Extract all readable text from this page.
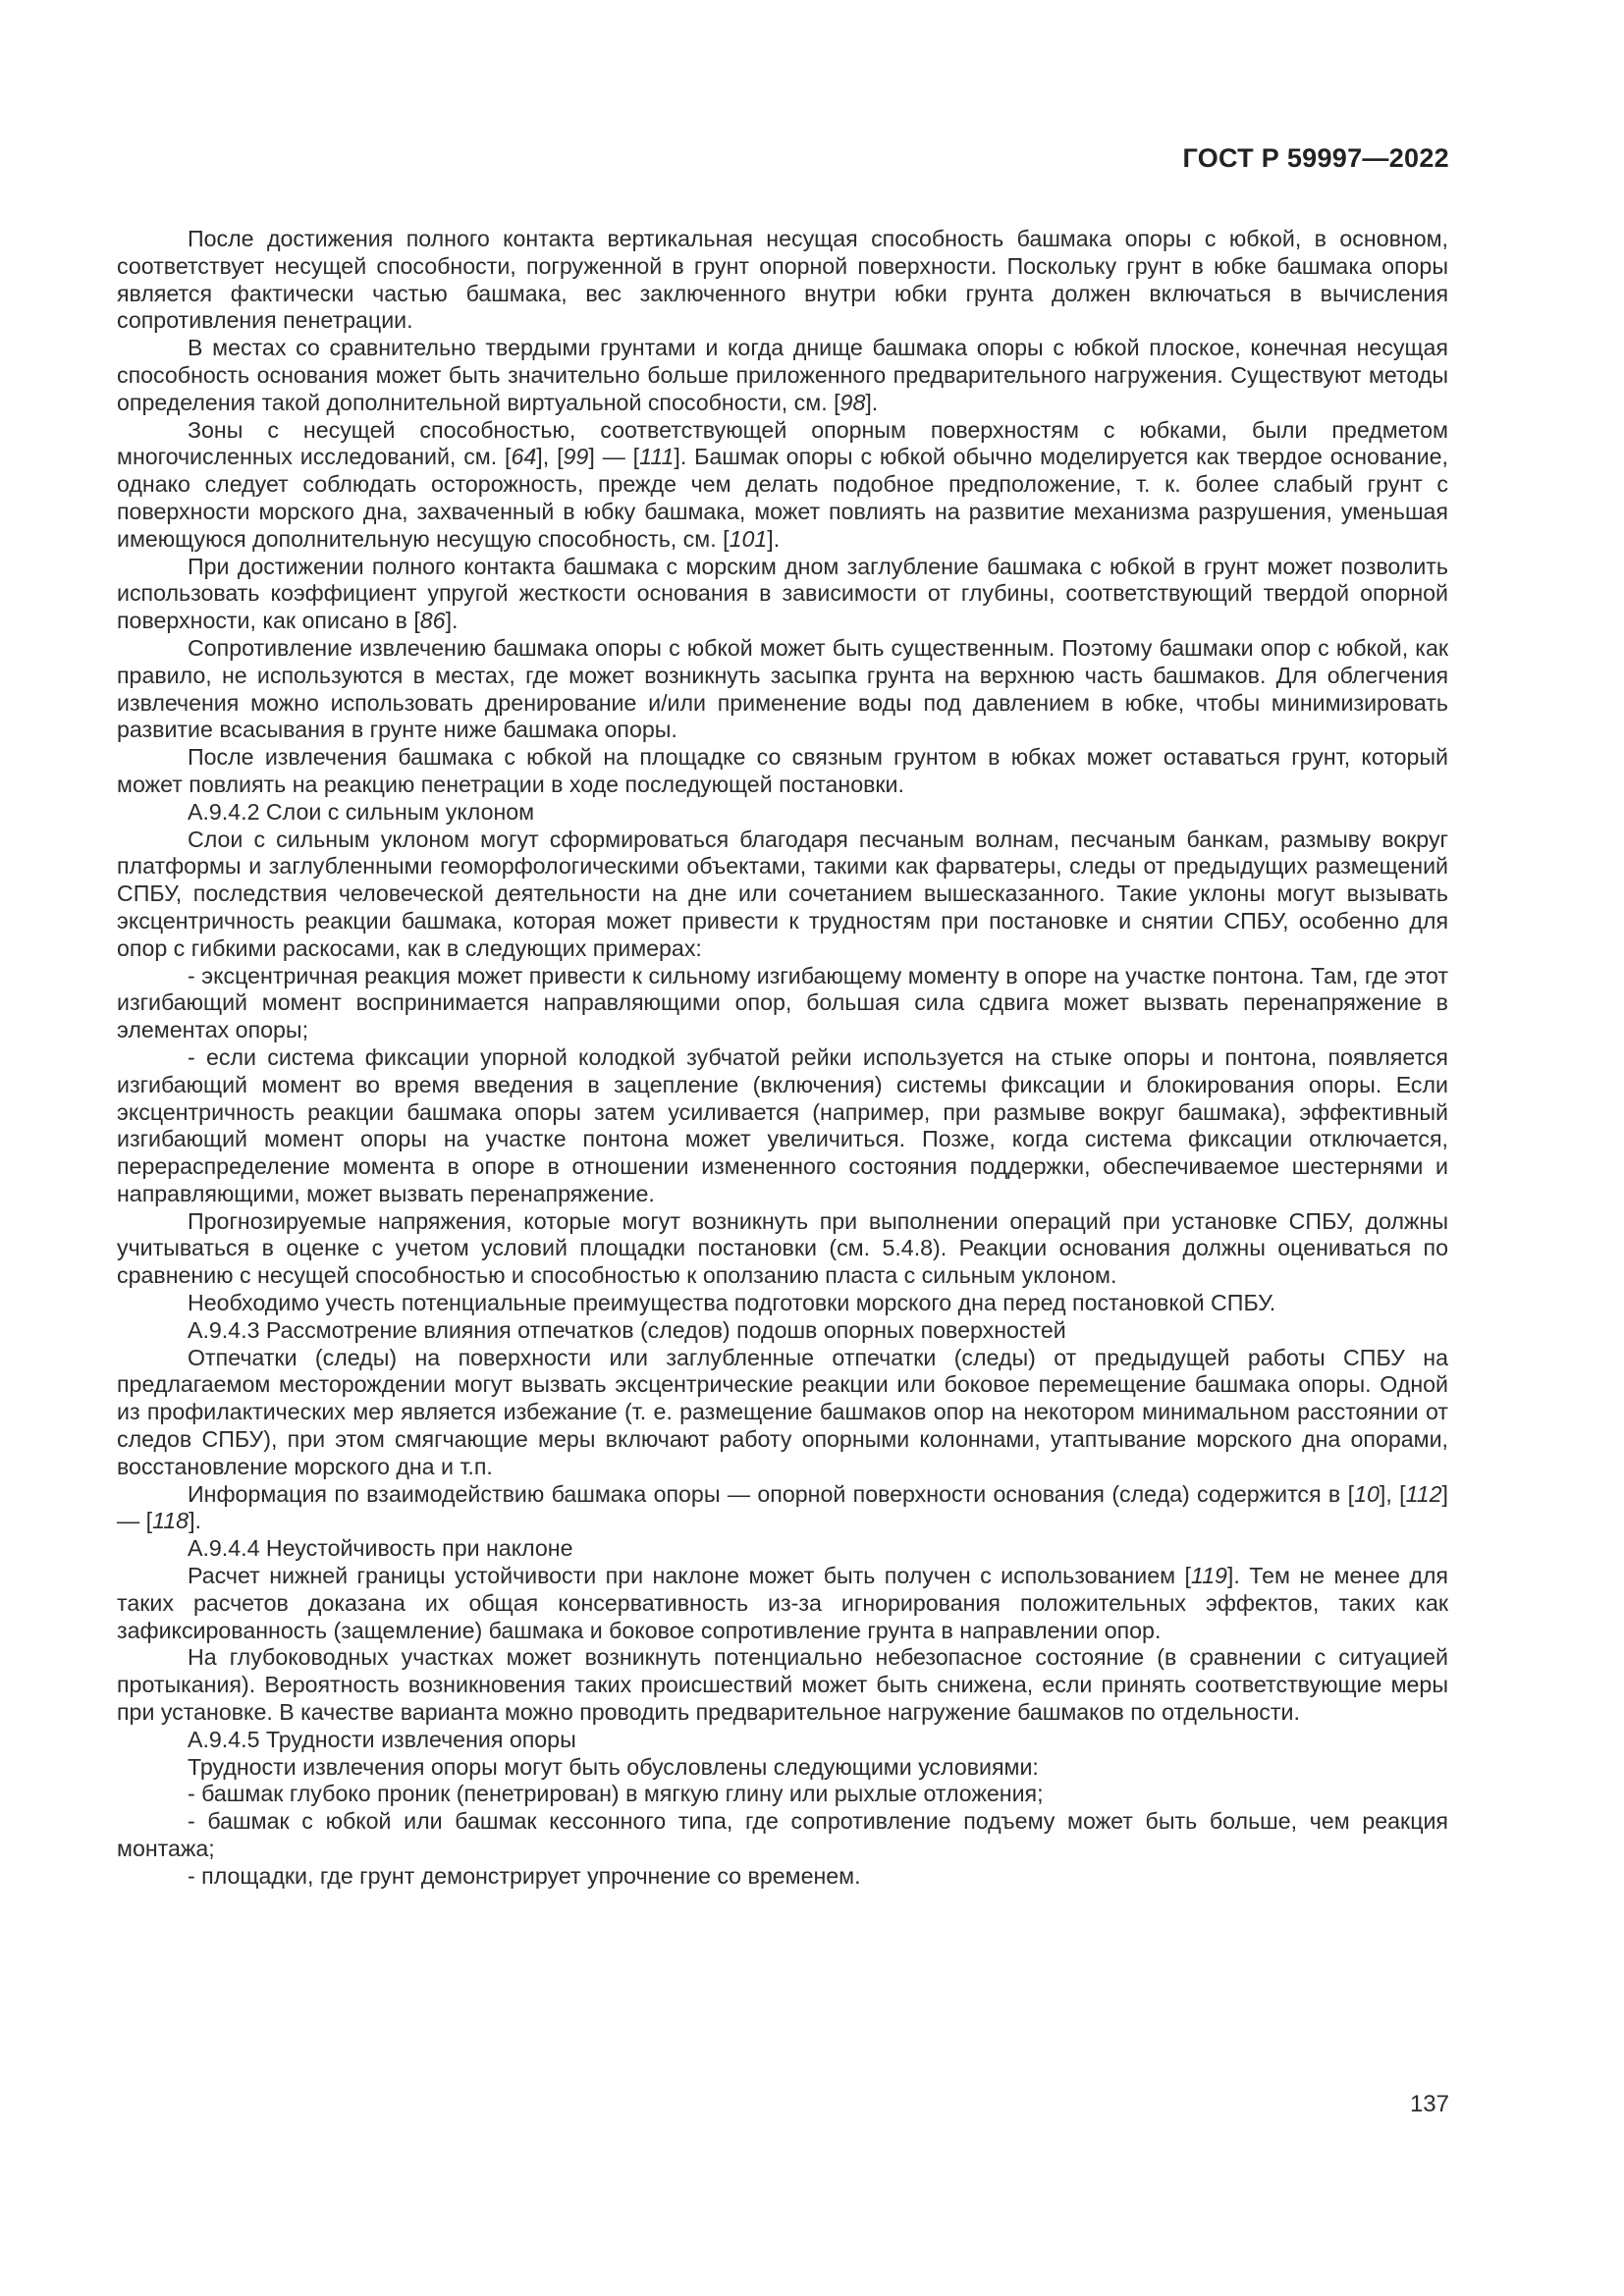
ГОСТ Р 59997—2022

После достижения полного контакта вертикальная несущая способность башмака опоры с юбкой, в основном, соответствует несущей способности, погруженной в грунт опорной поверхности. Поскольку грунт в юбке башмака опоры является фактически частью башмака, вес заключенного внутри юбки грунта должен включаться в вычисления сопротивления пенетрации.

В местах со сравнительно твердыми грунтами и когда днище башмака опоры с юбкой плоское, конечная несущая способность основания может быть значительно больше приложенного предварительного нагружения. Существуют методы определения такой дополнительной виртуальной способности, см. [98].

Зоны с несущей способностью, соответствующей опорным поверхностям с юбками, были предметом многочисленных исследований, см. [64], [99] — [111]. Башмак опоры с юбкой обычно моделируется как твердое основание, однако следует соблюдать осторожность, прежде чем делать подобное предположение, т. к. более слабый грунт с поверхности морского дна, захваченный в юбку башмака, может повлиять на развитие механизма разрушения, уменьшая имеющуюся дополнительную несущую способность, см. [101].

При достижении полного контакта башмака с морским дном заглубление башмака с юбкой в грунт может позволить использовать коэффициент упругой жесткости основания в зависимости от глубины, соответствующий твердой опорной поверхности, как описано в [86].

Сопротивление извлечению башмака опоры с юбкой может быть существенным. Поэтому башмаки опор с юбкой, как правило, не используются в местах, где может возникнуть засыпка грунта на верхнюю часть башмаков. Для облегчения извлечения можно использовать дренирование и/или применение воды под давлением в юбке, чтобы минимизировать развитие всасывания в грунте ниже башмака опоры.

После извлечения башмака с юбкой на площадке со связным грунтом в юбках может оставаться грунт, который может повлиять на реакцию пенетрации в ходе последующей постановки.

А.9.4.2 Слои с сильным уклоном

Слои с сильным уклоном могут сформироваться благодаря песчаным волнам, песчаным банкам, размыву вокруг платформы и заглубленными геоморфологическими объектами, такими как фарватеры, следы от предыдущих размещений СПБУ, последствия человеческой деятельности на дне или сочетанием вышесказанного. Такие уклоны могут вызывать эксцентричность реакции башмака, которая может привести к трудностям при постановке и снятии СПБУ, особенно для опор с гибкими раскосами, как в следующих примерах:

- эксцентричная реакция может привести к сильному изгибающему моменту в опоре на участке понтона. Там, где этот изгибающий момент воспринимается направляющими опор, большая сила сдвига может вызвать перенапряжение в элементах опоры;

- если система фиксации упорной колодкой зубчатой рейки используется на стыке опоры и понтона, появляется изгибающий момент во время введения в зацепление (включения) системы фиксации и блокирования опоры. Если эксцентричность реакции башмака опоры затем усиливается (например, при размыве вокруг башмака), эффективный изгибающий момент опоры на участке понтона может увеличиться. Позже, когда система фиксации отключается, перераспределение момента в опоре в отношении измененного состояния поддержки, обеспечиваемое шестернями и направляющими, может вызвать перенапряжение.

Прогнозируемые напряжения, которые могут возникнуть при выполнении операций при установке СПБУ, должны учитываться в оценке с учетом условий площадки постановки (см. 5.4.8). Реакции основания должны оцениваться по сравнению с несущей способностью и способностью к оползанию пласта с сильным уклоном.

Необходимо учесть потенциальные преимущества подготовки морского дна перед постановкой СПБУ.

А.9.4.3 Рассмотрение влияния отпечатков (следов) подошв опорных поверхностей

Отпечатки (следы) на поверхности или заглубленные отпечатки (следы) от предыдущей работы СПБУ на предлагаемом месторождении могут вызвать эксцентрические реакции или боковое перемещение башмака опоры. Одной из профилактических мер является избежание (т. е. размещение башмаков опор на некотором минимальном расстоянии от следов СПБУ), при этом смягчающие меры включают работу опорными колоннами, утаптывание морского дна опорами, восстановление морского дна и т.п.

Информация по взаимодействию башмака опоры — опорной поверхности основания (следа) содержится в [10], [112] — [118].

А.9.4.4 Неустойчивость при наклоне

Расчет нижней границы устойчивости при наклоне может быть получен с использованием [119]. Тем не менее для таких расчетов доказана их общая консервативность из-за игнорирования положительных эффектов, таких как зафиксированность (защемление) башмака и боковое сопротивление грунта в направлении опор.

На глубоководных участках может возникнуть потенциально небезопасное состояние (в сравнении с ситуацией протыкания). Вероятность возникновения таких происшествий может быть снижена, если принять соответствующие меры при установке. В качестве варианта можно проводить предварительное нагружение башмаков по отдельности.

А.9.4.5 Трудности извлечения опоры

Трудности извлечения опоры могут быть обусловлены следующими условиями:

- башмак глубоко проник (пенетрирован) в мягкую глину или рыхлые отложения;

- башмак с юбкой или башмак кессонного типа, где сопротивление подъему может быть больше, чем реакция монтажа;

- площадки, где грунт демонстрирует упрочнение со временем.

137
